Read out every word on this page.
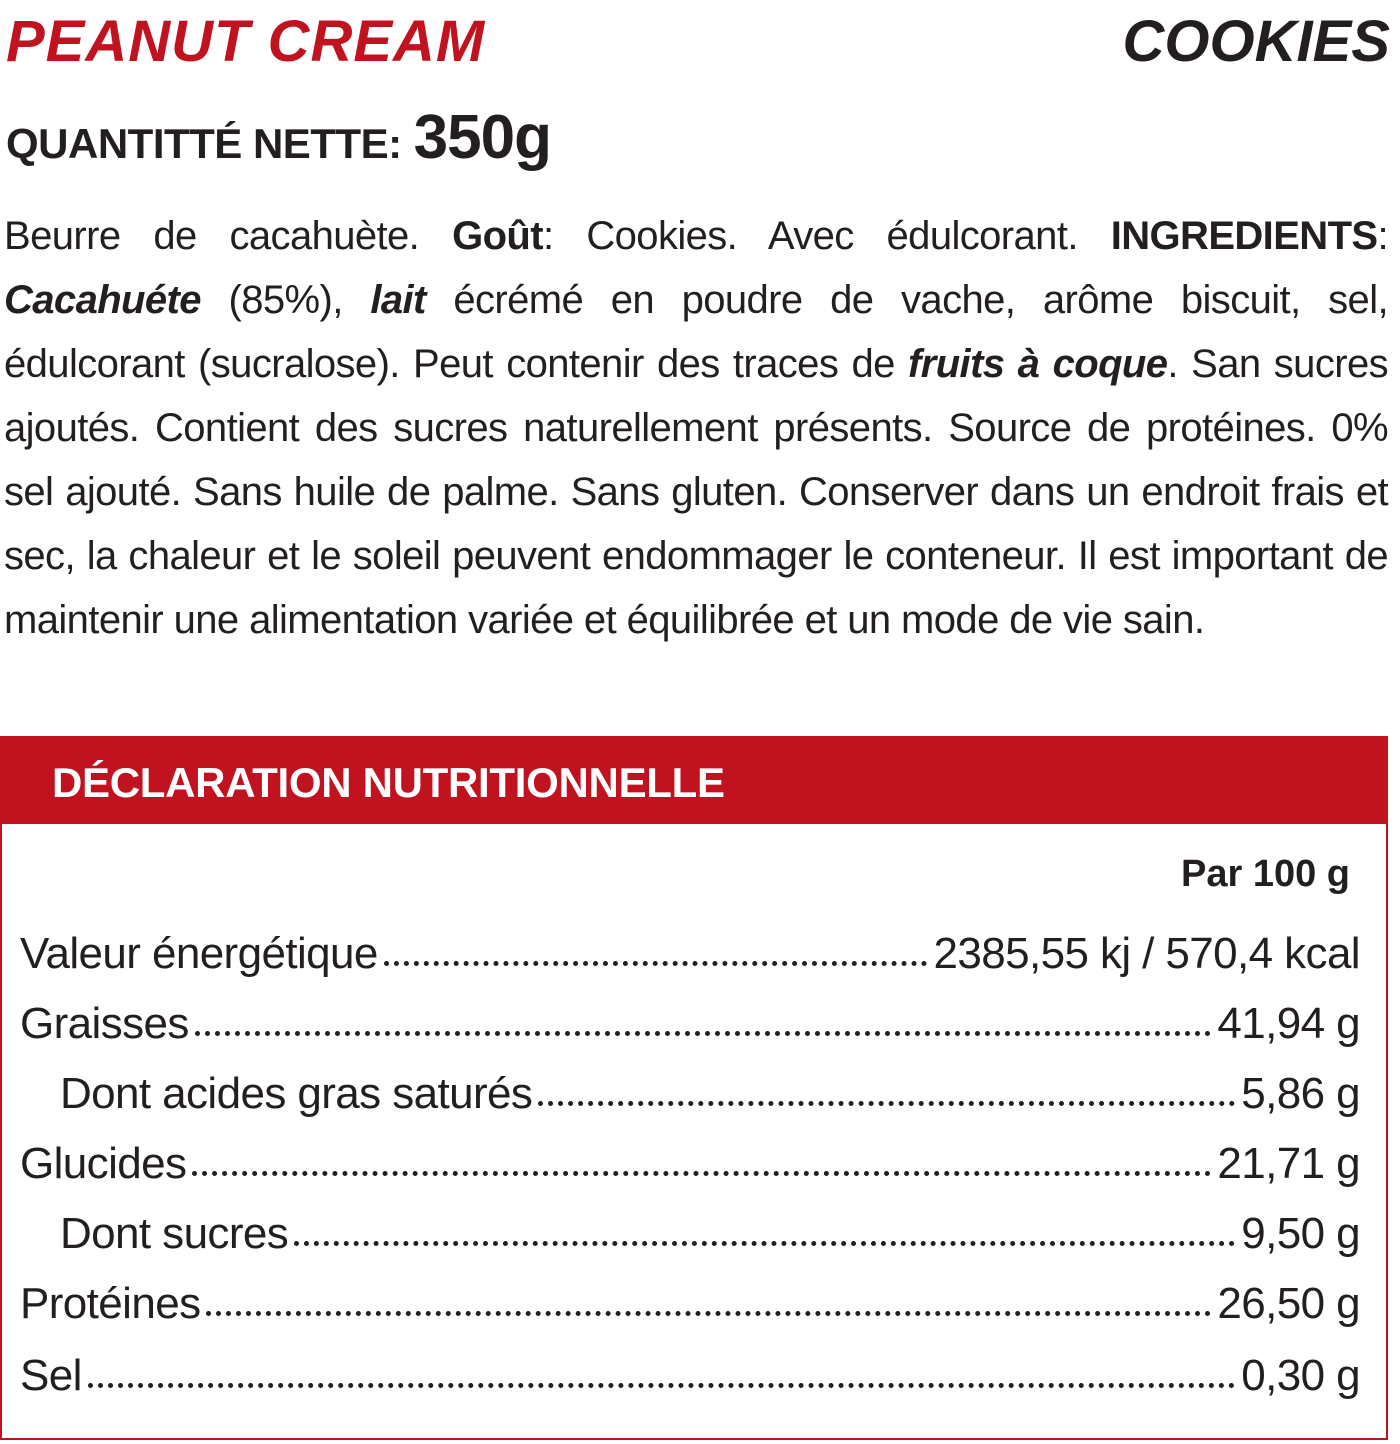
PEANUT CREAM	COOKIES
QUANTITTÉ NETTE: 350g
Beurre de cacahuète. Goût: Cookies. Avec édulcorant. INGREDIENTS: Cacahuéte (85%), lait écrémé en poudre de vache, arôme biscuit, sel, édulcorant (sucralose). Peut contenir des traces de fruits à coque. San sucres ajoutés. Contient des sucres naturellement présents. Source de protéines. 0% sel ajouté. Sans huile de palme. Sans gluten. Conserver dans un endroit frais et sec, la chaleur et le soleil peuvent endommager le conteneur. Il est important de maintenir une alimentation variée et équilibrée et un mode de vie sain.
DÉCLARATION NUTRITIONNELLE
Par 100 g
Valeur énergétique	2385,55 kj / 570,4 kcal
Graisses	41,94 g
Dont acides gras saturés	5,86 g
Glucides	21,71 g
Dont sucres	9,50 g
Protéines	26,50 g
Sel	0,30 g
